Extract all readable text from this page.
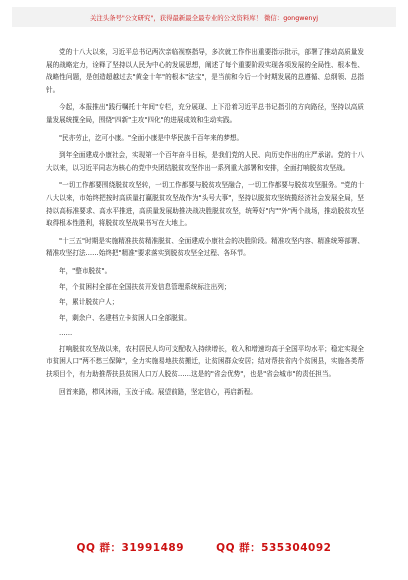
关注头条号"公文研究"，获得最新最全最专业的公文资料库！ 微信：gongwenyj

党的十八大以来，习近平总书记两次亲临视察指导，多次就工作作出重要指示批示，部署了推动高质量发展的战略定力，诠释了坚持以人民为中心的发展思想，阐述了每个重要阶段实现各项发展的全局性、根本性、战略性问题，是创造超越过去"黄金十年"的根本"法宝"，是当前和今后一个时期发展的总遵循、总纲领、总指针。

今起，本报推出"践行嘱托十年间"专栏，充分展现、上下沿着习近平总书记指引的方向路径，坚持以高质量发展统揽全局，围绕"四新"主攻"四化"的进展成效和生动实践。

"民亦劳止，汔可小康。"全面小康是中华民族千百年来的梦想。

到年全面建成小康社会，实现第一个百年奋斗目标，是我们党的人民、向历史作出的庄严承诺。党的十八大以来，以习近平同志为核心的党中央团结脱贫攻坚作出一系列重大部署和安排，全面打响脱贫攻坚战。

"一切工作都要围绕脱贫攻坚转，一切工作都要与脱贫攻坚融合，一切工作都要与脱贫攻坚服务。"党的十八大以来，市始终把按时高质量打赢脱贫攻坚战作为"头号大事"，坚持以脱贫攻坚统揽经济社会发展全局，坚持以高标准要求、高水平推进，高质量发展助推决战决胜脱贫攻坚，统筹好"内""外"两个战场，推动脱贫攻坚取得根本性胜利，将脱贫攻坚战果书写在大地上。

"十三五"时期是实施精准扶贫精准脱贫、全面建成小康社会的决胜阶段。精准攻坚内容、精准统筹部署、精准攻坚打法……始终把"精准"要求落实到脱贫攻坚全过程、各环节。

年，"整市脱贫"。

年，个贫困村全部在全国扶贫开发信息管理系统标注出列；

年，累计脱贫户人；

年，剩余户、名建档立卡贫困人口全部脱贫。

……

打响脱贫攻坚战以来，农村居民人均可支配收入持续增长，收入和增速均高于全国平均水平；稳定实现全市贫困人口"两不愁三保障"，全力实施易地扶贫搬迁，让贫困群众安居；结对帮扶省内个贫困县，实施各类帮扶项目个，有力助推帮扶县贫困人口万人脱贫……这是的"省会优势"，也是"省会城市"的责任担当。

回首来路，栉风沐雨，玉汝于成。展望前路，坚定信心，再启新程。

QQ 群：31991489	QQ 群：535304092
